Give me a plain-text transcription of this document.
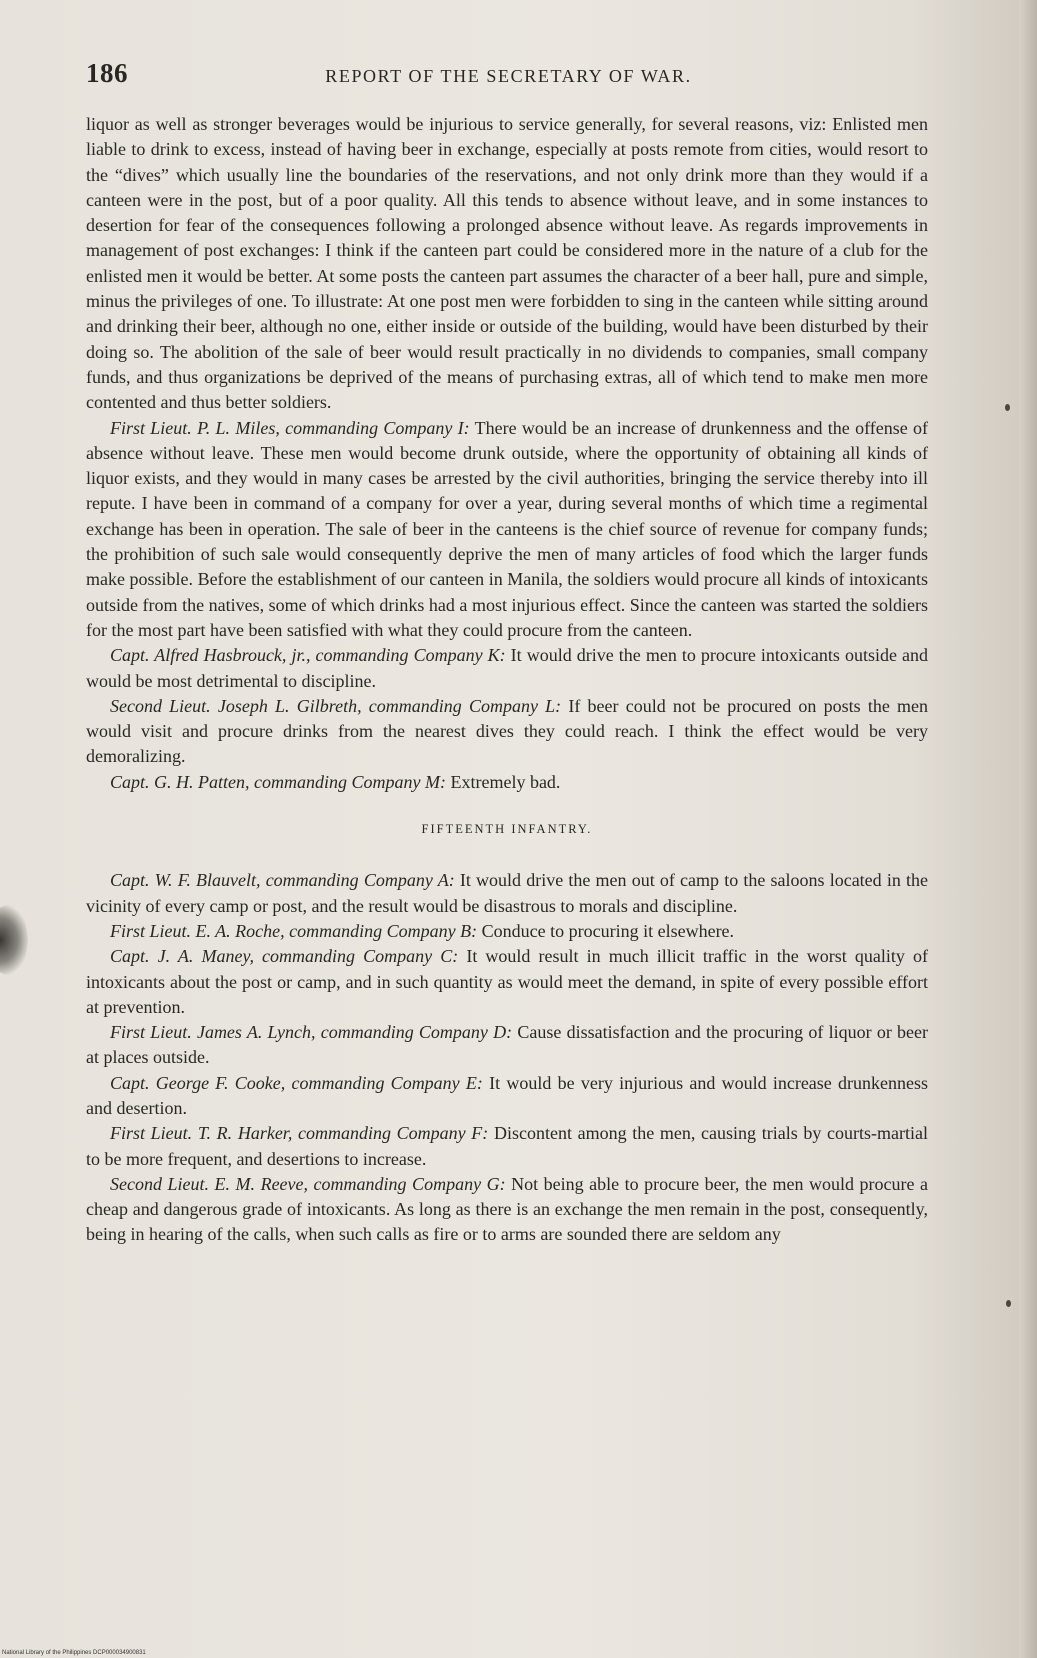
186	REPORT OF THE SECRETARY OF WAR.

liquor as well as stronger beverages would be injurious to service generally, for several reasons, viz: Enlisted men liable to drink to excess, instead of having beer in exchange, especially at posts remote from cities, would resort to the “dives” which usually line the boundaries of the reservations, and not only drink more than they would if a canteen were in the post, but of a poor quality. All this tends to absence without leave, and in some instances to desertion for fear of the consequences following a prolonged absence without leave. As regards improvements in management of post exchanges: I think if the canteen part could be considered more in the nature of a club for the enlisted men it would be better. At some posts the canteen part assumes the character of a beer hall, pure and simple, minus the privileges of one. To illustrate: At one post men were forbidden to sing in the canteen while sitting around and drinking their beer, although no one, either inside or outside of the building, would have been disturbed by their doing so. The abolition of the sale of beer would result practically in no dividends to companies, small company funds, and thus organizations be deprived of the means of purchasing extras, all of which tend to make men more contented and thus better soldiers.

First Lieut. P. L. Miles, commanding Company I: There would be an increase of drunkenness and the offense of absence without leave. These men would become drunk outside, where the opportunity of obtaining all kinds of liquor exists, and they would in many cases be arrested by the civil authorities, bringing the service thereby into ill repute. I have been in command of a company for over a year, during several months of which time a regimental exchange has been in operation. The sale of beer in the canteens is the chief source of revenue for company funds; the prohibition of such sale would consequently deprive the men of many articles of food which the larger funds make possible. Before the establishment of our canteen in Manila, the soldiers would procure all kinds of intoxicants outside from the natives, some of which drinks had a most injurious effect. Since the canteen was started the soldiers for the most part have been satisfied with what they could procure from the canteen.

Capt. Alfred Hasbrouck, jr., commanding Company K: It would drive the men to procure intoxicants outside and would be most detrimental to discipline.

Second Lieut. Joseph L. Gilbreth, commanding Company L: If beer could not be procured on posts the men would visit and procure drinks from the nearest dives they could reach. I think the effect would be very demoralizing.

Capt. G. H. Patten, commanding Company M: Extremely bad.

FIFTEENTH INFANTRY.

Capt. W. F. Blauvelt, commanding Company A: It would drive the men out of camp to the saloons located in the vicinity of every camp or post, and the result would be disastrous to morals and discipline.

First Lieut. E. A. Roche, commanding Company B: Conduce to procuring it elsewhere.

Capt. J. A. Maney, commanding Company C: It would result in much illicit traffic in the worst quality of intoxicants about the post or camp, and in such quantity as would meet the demand, in spite of every possible effort at prevention.

First Lieut. James A. Lynch, commanding Company D: Cause dissatisfaction and the procuring of liquor or beer at places outside.

Capt. George F. Cooke, commanding Company E: It would be very injurious and would increase drunkenness and desertion.

First Lieut. T. R. Harker, commanding Company F: Discontent among the men, causing trials by courts-martial to be more frequent, and desertions to increase.

Second Lieut. E. M. Reeve, commanding Company G: Not being able to procure beer, the men would procure a cheap and dangerous grade of intoxicants. As long as there is an exchange the men remain in the post, consequently, being in hearing of the calls, when such calls as fire or to arms are sounded there are seldom any

National Library of the Philippines DCP000034900831
